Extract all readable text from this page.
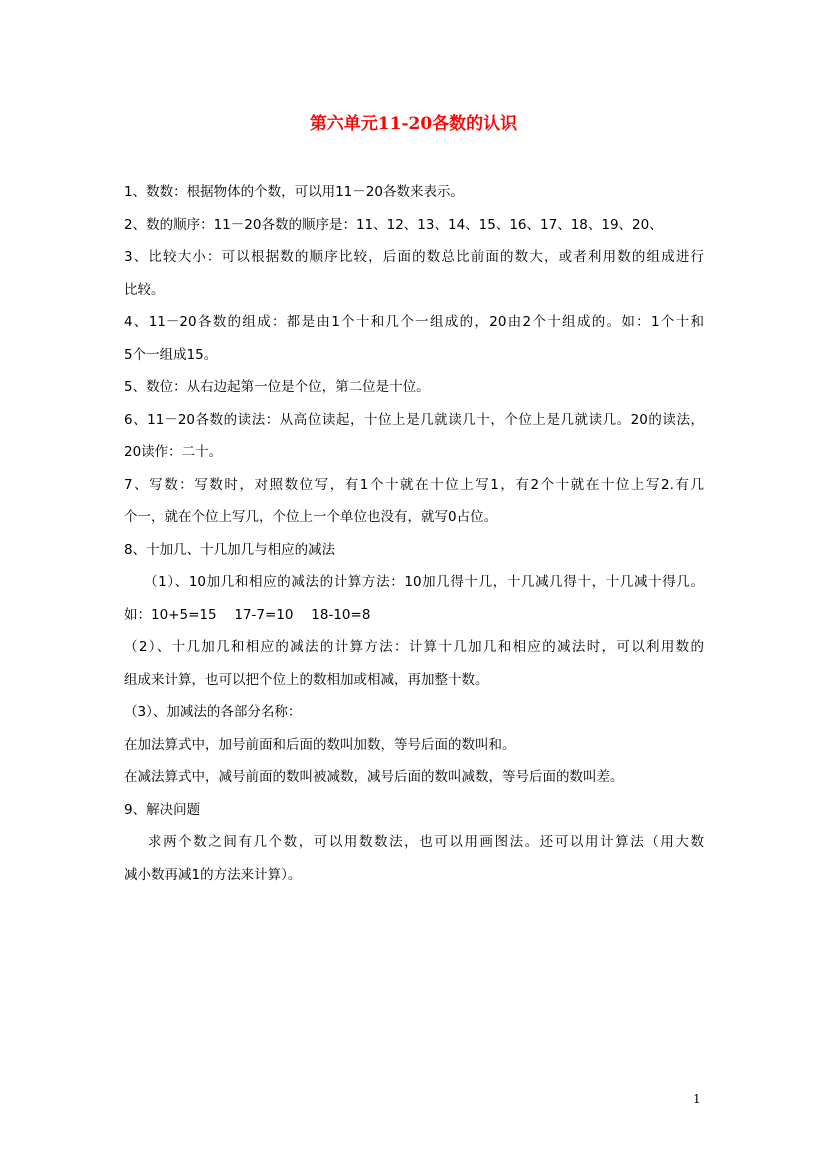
第六单元11-20各数的认识

1、数数：根据物体的个数，可以用11－20各数来表示。

2、数的顺序：11－20各数的顺序是：11、12、13、14、15、16、17、18、19、20、

3、比较大小：可以根据数的顺序比较，后面的数总比前面的数大，或者利用数的组成进行

比较。

4、11－20各数的组成：都是由1个十和几个一组成的，20由2个十组成的。如：1个十和

5个一组成15。

5、数位：从右边起第一位是个位，第二位是十位。

6、11－20各数的读法：从高位读起，十位上是几就读几十，个位上是几就读几。20的读法，

20读作：二十。

7、写数：写数时，对照数位写，有1个十就在十位上写1，有2个十就在十位上写2.有几

个一，就在个位上写几，个位上一个单位也没有，就写0占位。

8、十加几、十几加几与相应的减法

（1）、10加几和相应的减法的计算方法：10加几得十几，十几减几得十，十几减十得几。

如：10+5=15　 17-7=10　 18-10=8

（2）、十几加几和相应的减法的计算方法：计算十几加几和相应的减法时，可以利用数的

组成来计算，也可以把个位上的数相加或相减，再加整十数。

（3）、加减法的各部分名称：

在加法算式中，加号前面和后面的数叫加数，等号后面的数叫和。

在减法算式中，减号前面的数叫被减数，减号后面的数叫减数，等号后面的数叫差。

9、解决问题

求两个数之间有几个数，可以用数数法，也可以用画图法。还可以用计算法（用大数

减小数再减1的方法来计算）。

1
